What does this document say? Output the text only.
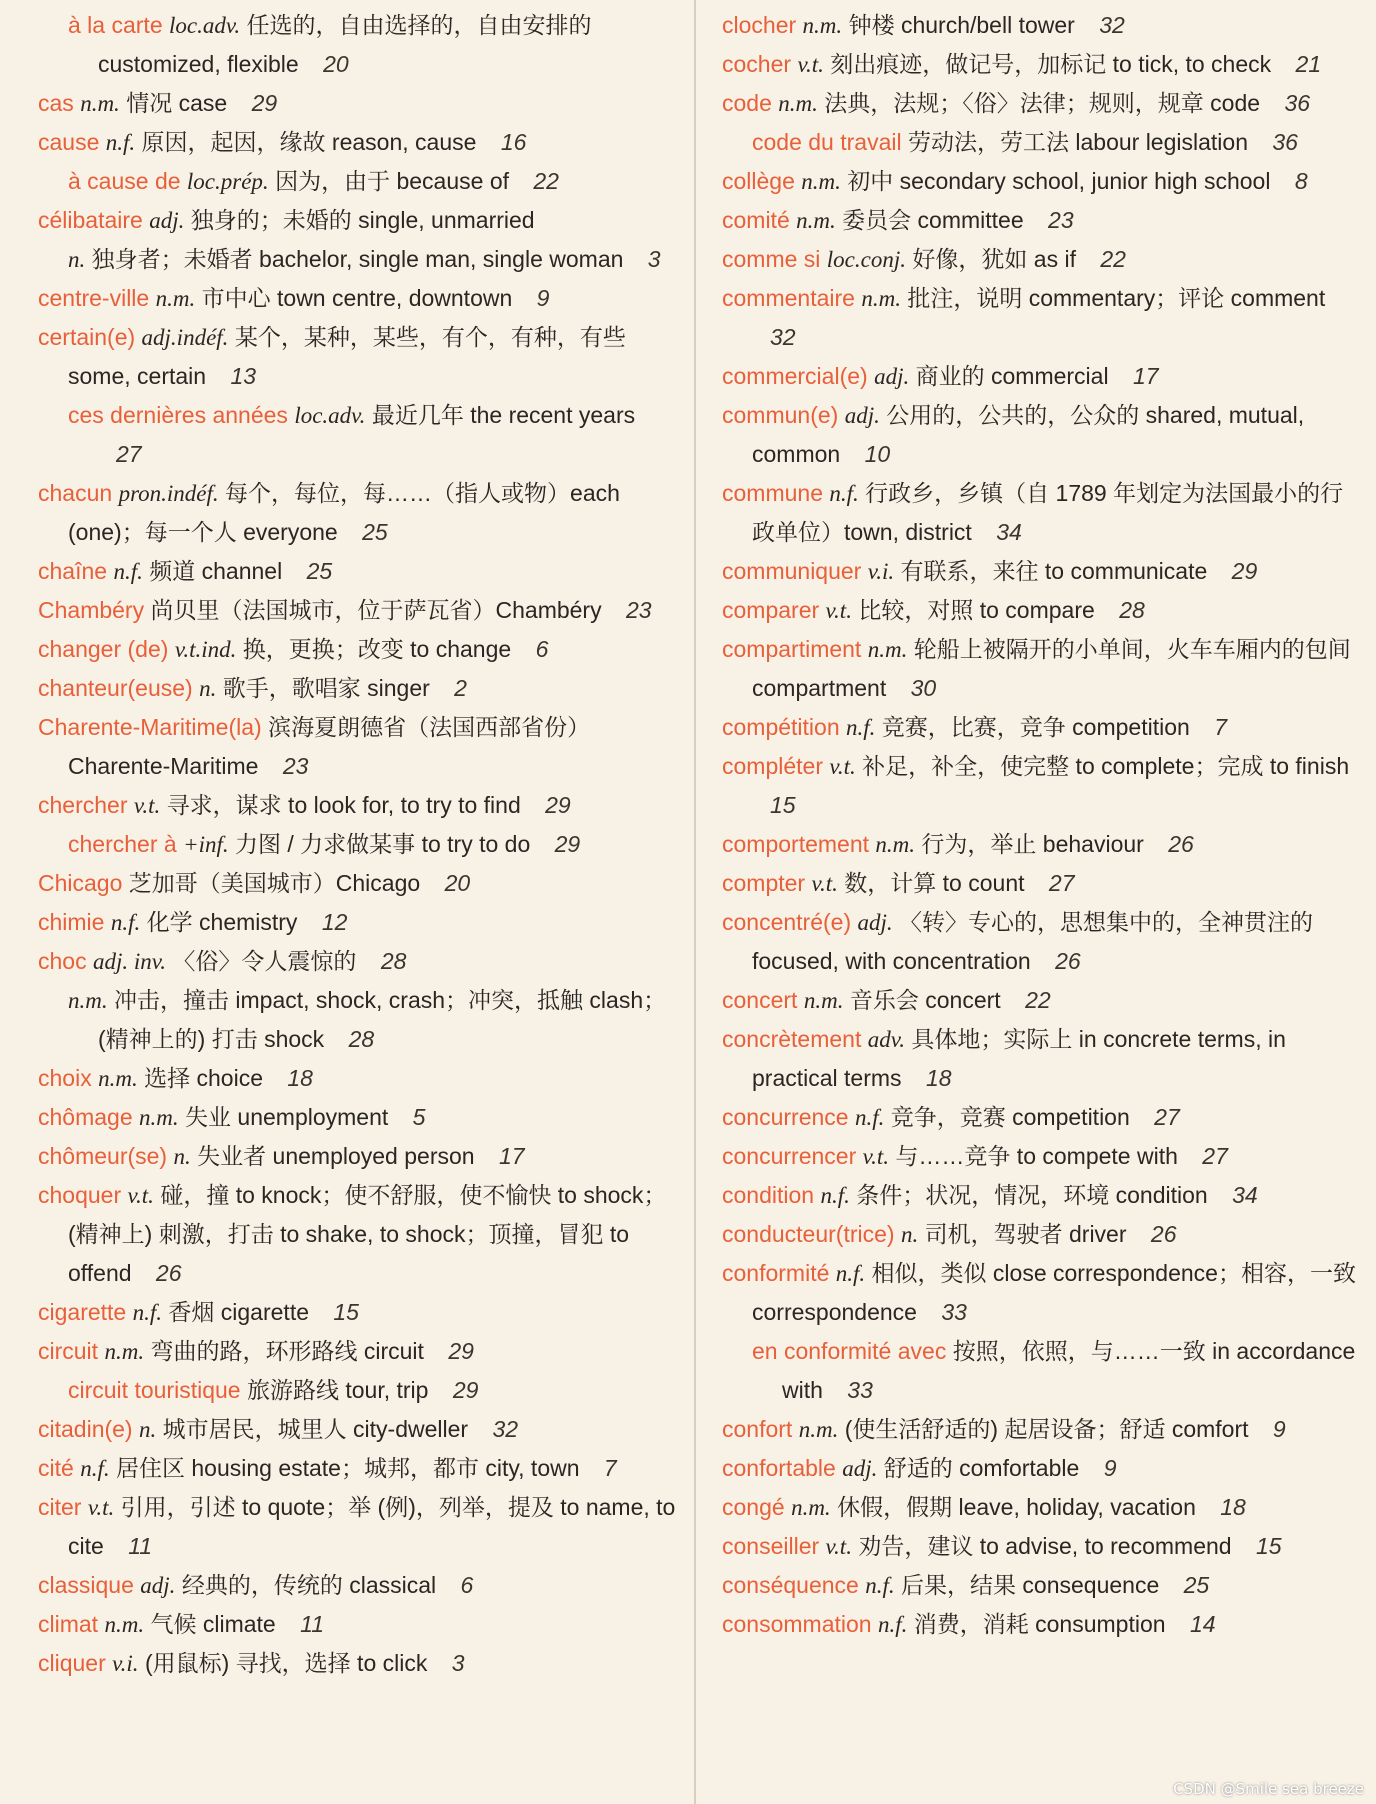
à la carte loc.adv. 任选的，自由选择的，自由安排的 customized, flexible 20

cas n.m. 情况 case 29

cause n.f. 原因，起因，缘故 reason, cause 16

à cause de loc.prép. 因为，由于 because of 22

célibataire adj. 独身的；未婚的 single, unmarried

n. 独身者；未婚者 bachelor, single man, single woman 3

centre-ville n.m. 市中心 town centre, downtown 9

certain(e) adj.indéf. 某个，某种，某些，有个，有种，有些 some, certain 13

ces dernières années loc.adv. 最近几年 the recent years 27

chacun pron.indéf. 每个，每位，每……（指人或物）each (one)；每一个人 everyone 25

chaîne n.f. 频道 channel 25

Chambéry 尚贝里（法国城市，位于萨瓦省）Chambéry 23

changer (de) v.t.ind. 换，更换；改变 to change 6

chanteur(euse) n. 歌手，歌唱家 singer 2

Charente-Maritime(la) 滨海夏朗德省（法国西部省份）Charente-Maritime 23

chercher v.t. 寻求，谋求 to look for, to try to find 29

chercher à +inf. 力图 / 力求做某事 to try to do 29

Chicago 芝加哥（美国城市）Chicago 20

chimie n.f. 化学 chemistry 12

choc adj. inv. 〈俗〉令人震惊的 28

n.m. 冲击，撞击 impact, shock, crash；冲突，抵触 clash；(精神上的) 打击 shock 28

choix n.m. 选择 choice 18

chômage n.m. 失业 unemployment 5

chômeur(se) n. 失业者 unemployed person 17

choquer v.t. 碰，撞 to knock；使不舒服，使不愉快 to shock；(精神上) 刺激，打击 to shake, to shock；顶撞，冒犯 to offend 26

cigarette n.f. 香烟 cigarette 15

circuit n.m. 弯曲的路，环形路线 circuit 29

circuit touristique 旅游路线 tour, trip 29

citadin(e) n. 城市居民，城里人 city-dweller 32

cité n.f. 居住区 housing estate；城邦，都市 city, town 7

citer v.t. 引用，引述 to quote；举 (例)，列举，提及 to name, to cite 11

classique adj. 经典的，传统的 classical 6

climat n.m. 气候 climate 11

cliquer v.i. (用鼠标) 寻找，选择 to click 3

clocher n.m. 钟楼 church/bell tower 32

cocher v.t. 刻出痕迹，做记号，加标记 to tick, to check 21

code n.m. 法典，法规；〈俗〉法律；规则，规章 code 36

code du travail 劳动法，劳工法 labour legislation 36

collège n.m. 初中 secondary school, junior high school 8

comité n.m. 委员会 committee 23

comme si loc.conj. 好像，犹如 as if 22

commentaire n.m. 批注，说明 commentary；评论 comment 32

commercial(e) adj. 商业的 commercial 17

commun(e) adj. 公用的，公共的，公众的 shared, mutual, common 10

commune n.f. 行政乡，乡镇（自 1789 年划定为法国最小的行政单位）town, district 34

communiquer v.i. 有联系，来往 to communicate 29

comparer v.t. 比较，对照 to compare 28

compartiment n.m. 轮船上被隔开的小单间，火车车厢内的包间 compartment 30

compétition n.f. 竞赛，比赛，竞争 competition 7

compléter v.t. 补足，补全，使完整 to complete；完成 to finish 15

comportement n.m. 行为，举止 behaviour 26

compter v.t. 数，计算 to count 27

concentré(e) adj. 〈转〉专心的，思想集中的，全神贯注的 focused, with concentration 26

concert n.m. 音乐会 concert 22

concrètement adv. 具体地；实际上 in concrete terms, in practical terms 18

concurrence n.f. 竞争，竞赛 competition 27

concurrencer v.t. 与……竞争 to compete with 27

condition n.f. 条件；状况，情况，环境 condition 34

conducteur(trice) n. 司机，驾驶者 driver 26

conformité n.f. 相似，类似 close correspondence；相容，一致 correspondence 33

en conformité avec 按照，依照，与……一致 in accordance with 33

confort n.m. (使生活舒适的) 起居设备；舒适 comfort 9

confortable adj. 舒适的 comfortable 9

congé n.m. 休假，假期 leave, holiday, vacation 18

conseiller v.t. 劝告，建议 to advise, to recommend 15

conséquence n.f. 后果，结果 consequence 25

consommation n.f. 消费，消耗 consumption 14

CSDN @Smile sea breeze
